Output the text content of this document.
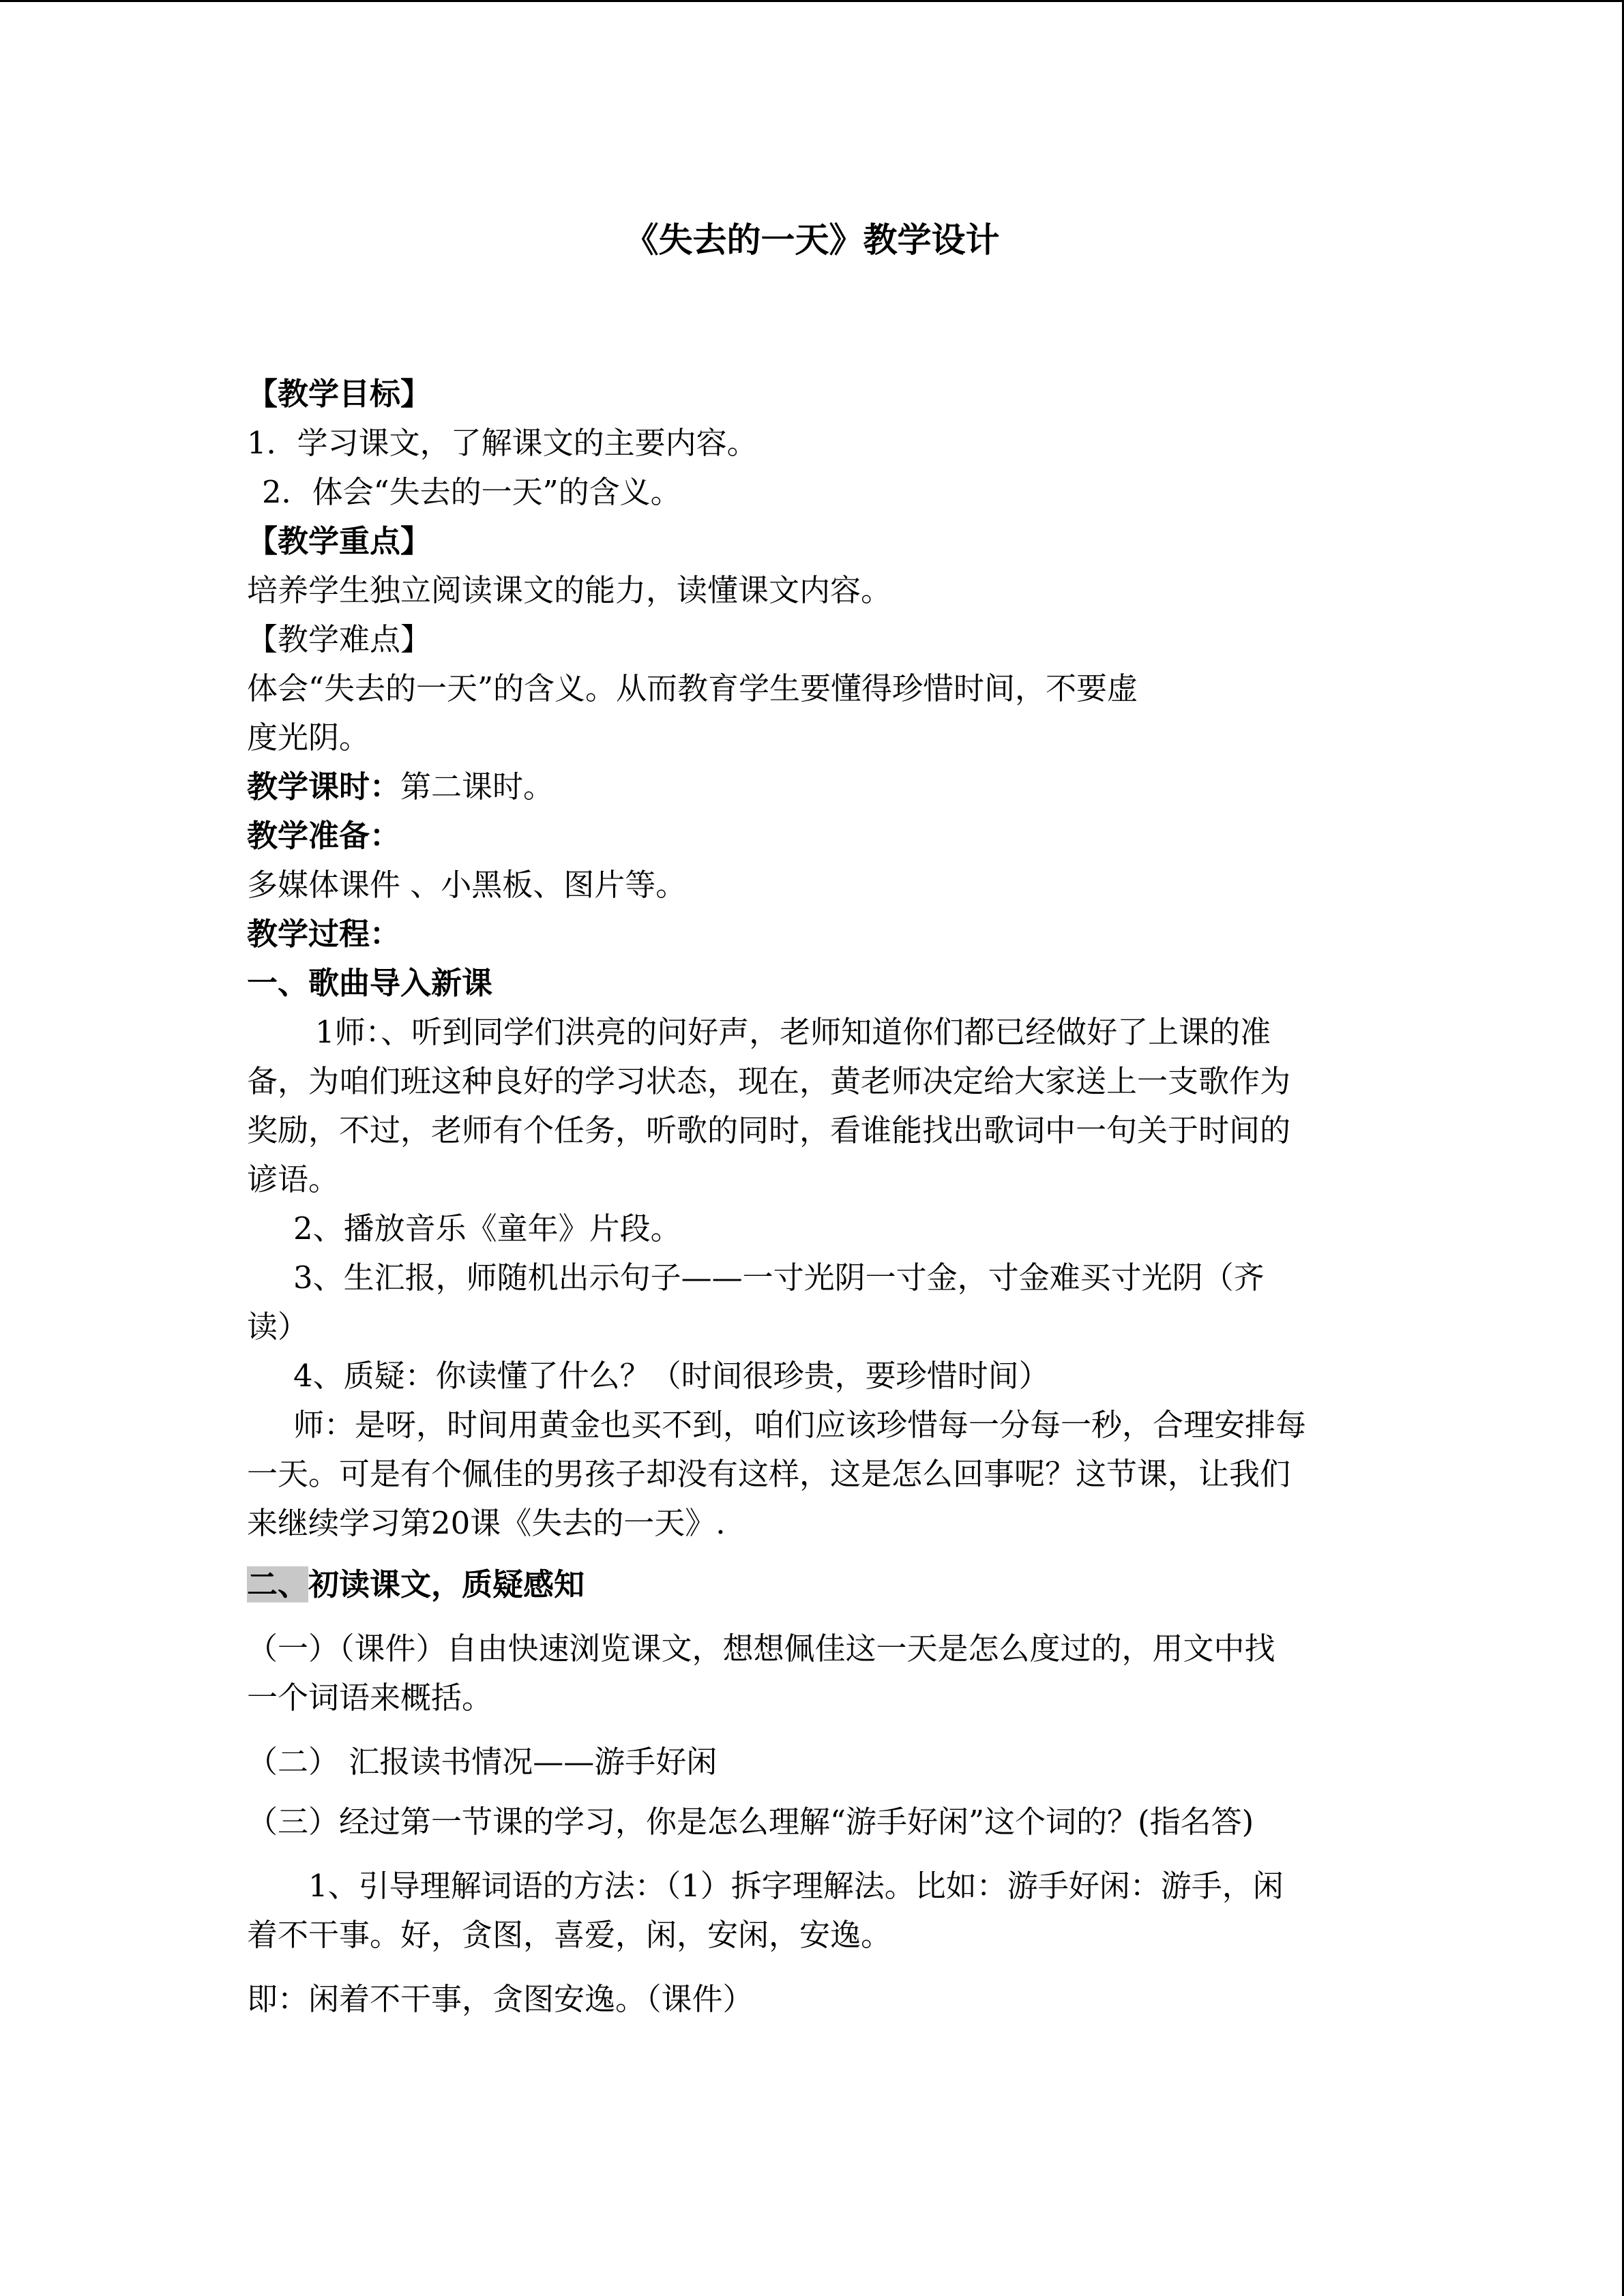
《失去的一天》教学设计
【教学目标】
1．学习课文，了解课文的主要内容。
2．体会“失去的一天”的含义。
【教学重点】
培养学生独立阅读课文的能力，读懂课文内容。
【教学难点】
体会“失去的一天”的含义。从而教育学生要懂得珍惜时间，不要虚
度光阴。
教学课时：第二课时。
教学准备：
多媒体课件 、小黑板、图片等。
教学过程：
一、歌曲导入新课
1师：、听到同学们洪亮的问好声，老师知道你们都已经做好了上课的准
备，为咱们班这种良好的学习状态，现在，黄老师决定给大家送上一支歌作为
奖励，不过，老师有个任务，听歌的同时，看谁能找出歌词中一句关于时间的
谚语。
2、播放音乐《童年》片段。
3、生汇报，师随机出示句子——一寸光阴一寸金，寸金难买寸光阴（齐
读）
4、质疑：你读懂了什么？（时间很珍贵，要珍惜时间）
师：是呀，时间用黄金也买不到，咱们应该珍惜每一分每一秒，合理安排每
一天。可是有个佩佳的男孩子却没有这样，这是怎么回事呢？这节课，让我们
来继续学习第20课《失去的一天》.
二、初读课文，质疑感知
（一）（课件）自由快速浏览课文，想想佩佳这一天是怎么度过的，用文中找
一个词语来概括。
（二） 汇报读书情况——游手好闲
（三）经过第一节课的学习，你是怎么理解“游手好闲”这个词的？(指名答)
1、引导理解词语的方法：（1）拆字理解法。比如：游手好闲：游手，闲
着不干事。好，贪图，喜爱，闲，安闲，安逸。
即：闲着不干事，贪图安逸。（课件）
